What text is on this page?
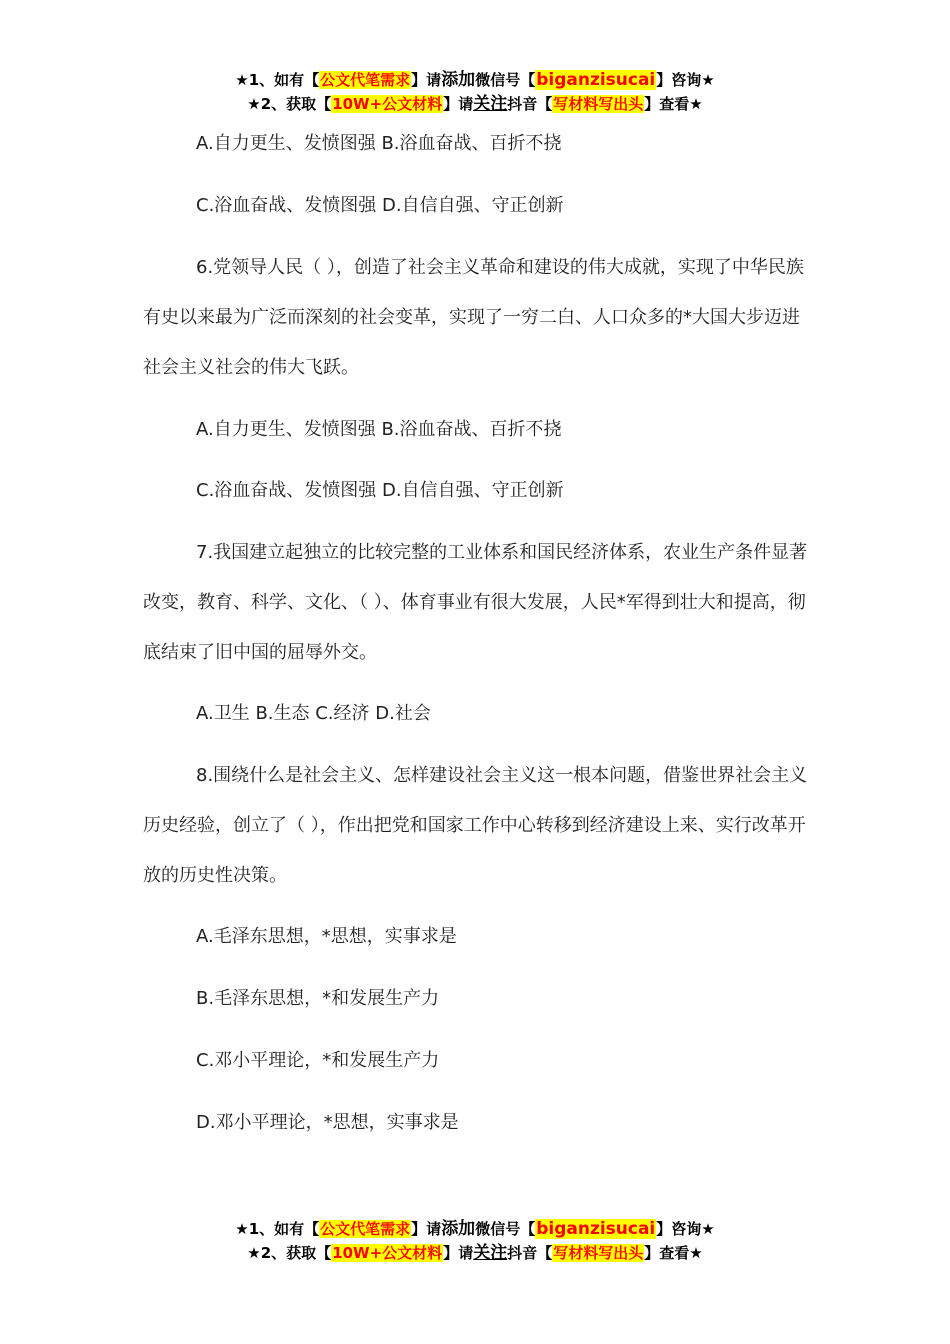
★1、如有【公文代笔需求】请添加微信号【biganzisucai】咨询★
★2、获取【10W+公文材料】请关注抖音【写材料写出头】查看★

A.自力更生、发愤图强 B.浴血奋战、百折不挠

C.浴血奋战、发愤图强 D.自信自强、守正创新

6.党领导人民（ ），创造了社会主义革命和建设的伟大成就，实现了中华民族有史以来最为广泛而深刻的社会变革，实现了一穷二白、人口众多的*大国大步迈进社会主义社会的伟大飞跃。

A.自力更生、发愤图强 B.浴血奋战、百折不挠

C.浴血奋战、发愤图强 D.自信自强、守正创新

7.我国建立起独立的比较完整的工业体系和国民经济体系，农业生产条件显著改变，教育、科学、文化、（ ）、体育事业有很大发展，人民*军得到壮大和提高，彻底结束了旧中国的屈辱外交。

A.卫生 B.生态 C.经济 D.社会

8.围绕什么是社会主义、怎样建设社会主义这一根本问题，借鉴世界社会主义历史经验，创立了（ ），作出把党和国家工作中心转移到经济建设上来、实行改革开放的历史性决策。

A.毛泽东思想，*思想，实事求是

B.毛泽东思想，*和发展生产力

C.邓小平理论，*和发展生产力

D.邓小平理论，*思想，实事求是

★1、如有【公文代笔需求】请添加微信号【biganzisucai】咨询★
★2、获取【10W+公文材料】请关注抖音【写材料写出头】查看★
